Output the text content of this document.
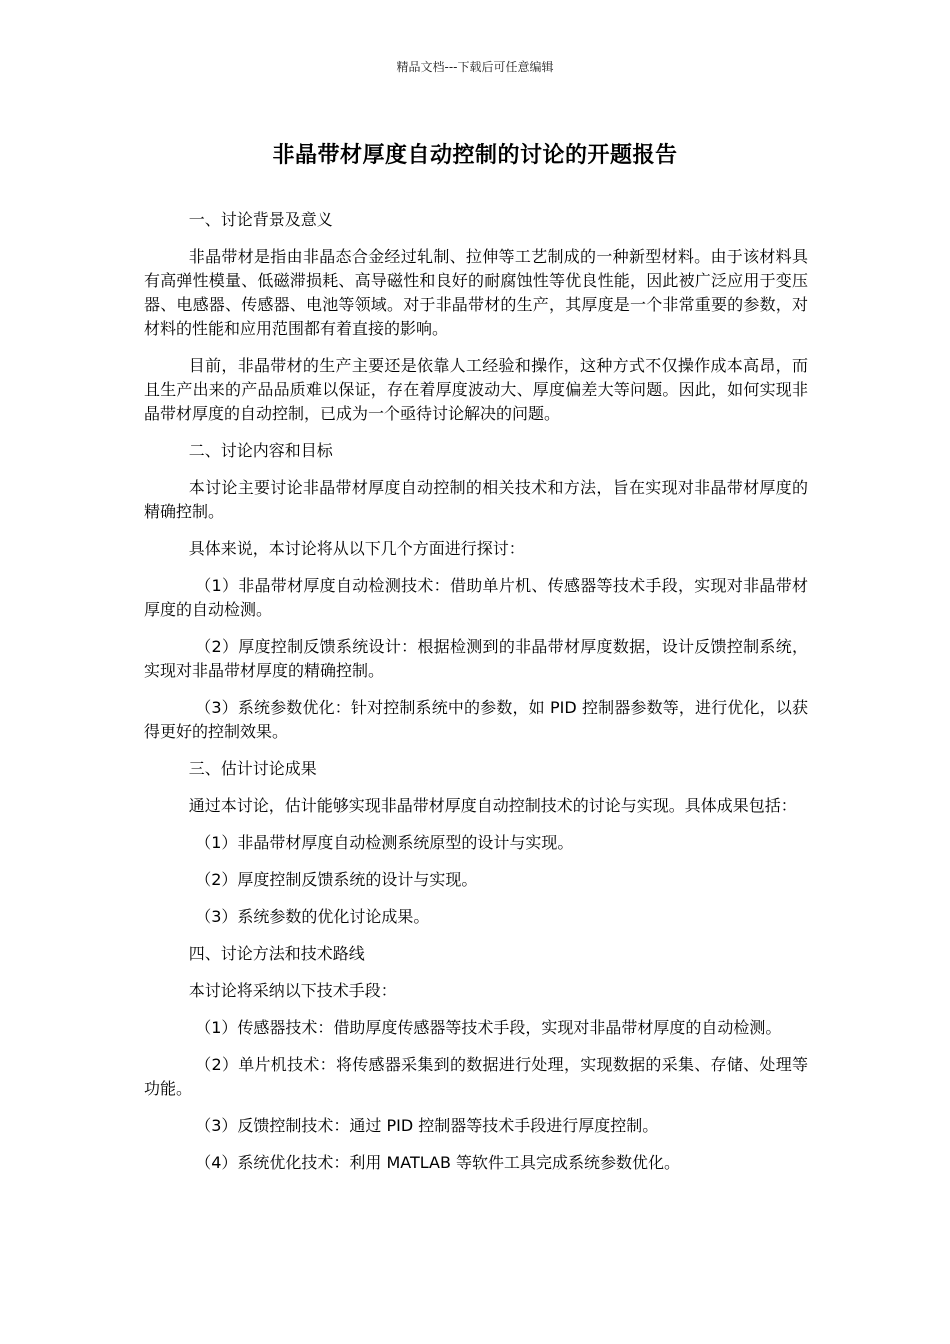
精品文档---下载后可任意编辑
非晶带材厚度自动控制的讨论的开题报告

一、讨论背景及意义

非晶带材是指由非晶态合金经过轧制、拉伸等工艺制成的一种新型材料。由于该材料具有高弹性模量、低磁滞损耗、高导磁性和良好的耐腐蚀性等优良性能，因此被广泛应用于变压器、电感器、传感器、电池等领域。对于非晶带材的生产，其厚度是一个非常重要的参数，对材料的性能和应用范围都有着直接的影响。

目前，非晶带材的生产主要还是依靠人工经验和操作，这种方式不仅操作成本高昂，而且生产出来的产品品质难以保证，存在着厚度波动大、厚度偏差大等问题。因此，如何实现非晶带材厚度的自动控制，已成为一个亟待讨论解决的问题。

二、讨论内容和目标

本讨论主要讨论非晶带材厚度自动控制的相关技术和方法，旨在实现对非晶带材厚度的精确控制。

具体来说，本讨论将从以下几个方面进行探讨：

（1）非晶带材厚度自动检测技术：借助单片机、传感器等技术手段，实现对非晶带材厚度的自动检测。

（2）厚度控制反馈系统设计：根据检测到的非晶带材厚度数据，设计反馈控制系统，实现对非晶带材厚度的精确控制。

（3）系统参数优化：针对控制系统中的参数，如 PID 控制器参数等，进行优化，以获得更好的控制效果。

三、估计讨论成果

通过本讨论，估计能够实现非晶带材厚度自动控制技术的讨论与实现。具体成果包括：

（1）非晶带材厚度自动检测系统原型的设计与实现。

（2）厚度控制反馈系统的设计与实现。

（3）系统参数的优化讨论成果。

四、讨论方法和技术路线

本讨论将采纳以下技术手段：

（1）传感器技术：借助厚度传感器等技术手段，实现对非晶带材厚度的自动检测。

（2）单片机技术：将传感器采集到的数据进行处理，实现数据的采集、存储、处理等功能。

（3）反馈控制技术：通过 PID 控制器等技术手段进行厚度控制。

（4）系统优化技术：利用 MATLAB 等软件工具完成系统参数优化。
